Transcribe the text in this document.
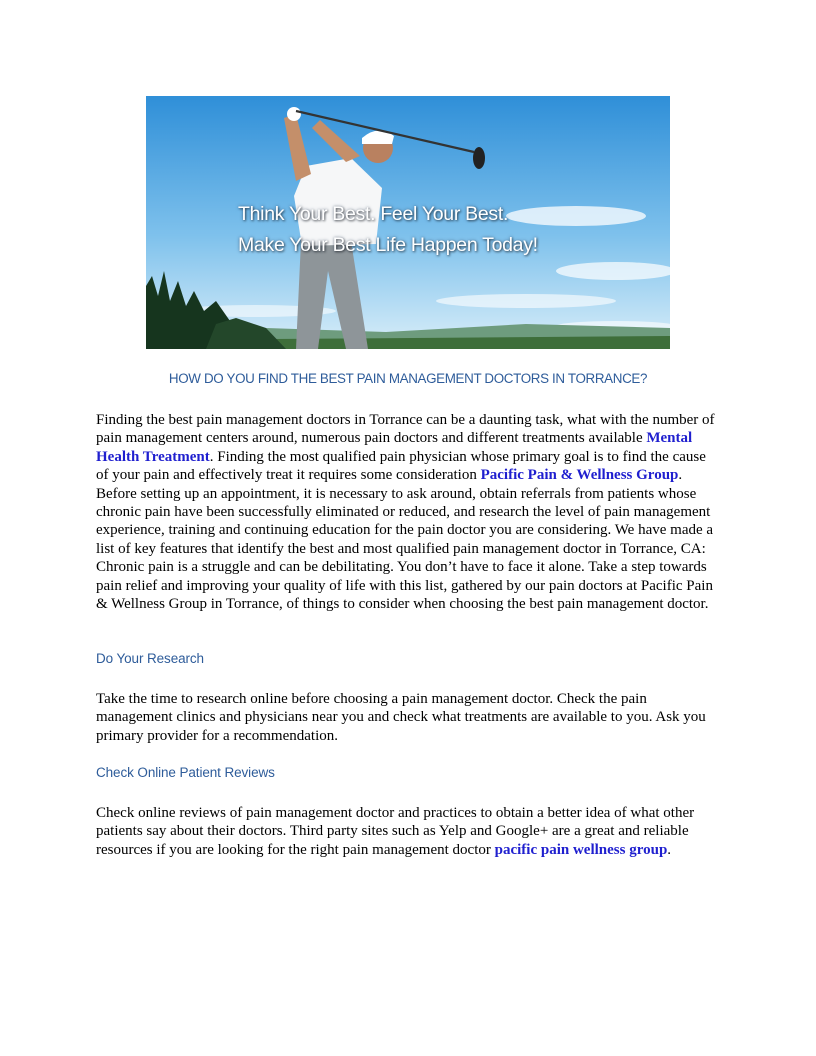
Think Your Best. Feel Your Best.
Make Your Best Life Happen Today!
HOW DO YOU FIND THE BEST PAIN MANAGEMENT DOCTORS IN TORRANCE?

Finding the best pain management doctors in Torrance can be a daunting task, what with the number of pain management centers around, numerous pain doctors and different treatments available Mental Health Treatment. Finding the most qualified pain physician whose primary goal is to find the cause of your pain and effectively treat it requires some consideration Pacific Pain & Wellness Group. Before setting up an appointment, it is necessary to ask around, obtain referrals from patients whose chronic pain have been successfully eliminated or reduced, and research the level of pain management experience, training and continuing education for the pain doctor you are considering. We have made a list of key features that identify the best and most qualified pain management doctor in Torrance, CA: Chronic pain is a struggle and can be debilitating. You don’t have to face it alone. Take a step towards pain relief and improving your quality of life with this list, gathered by our pain doctors at Pacific Pain & Wellness Group in Torrance, of things to consider when choosing the best pain management doctor.

Do Your Research

Take the time to research online before choosing a pain management doctor. Check the pain management clinics and physicians near you and check what treatments are available to you. Ask you primary provider for a recommendation.

Check Online Patient Reviews

Check online reviews of pain management doctor and practices to obtain a better idea of what other patients say about their doctors. Third party sites such as Yelp and Google+ are a great and reliable resources if you are looking for the right pain management doctor pacific pain wellness group.
